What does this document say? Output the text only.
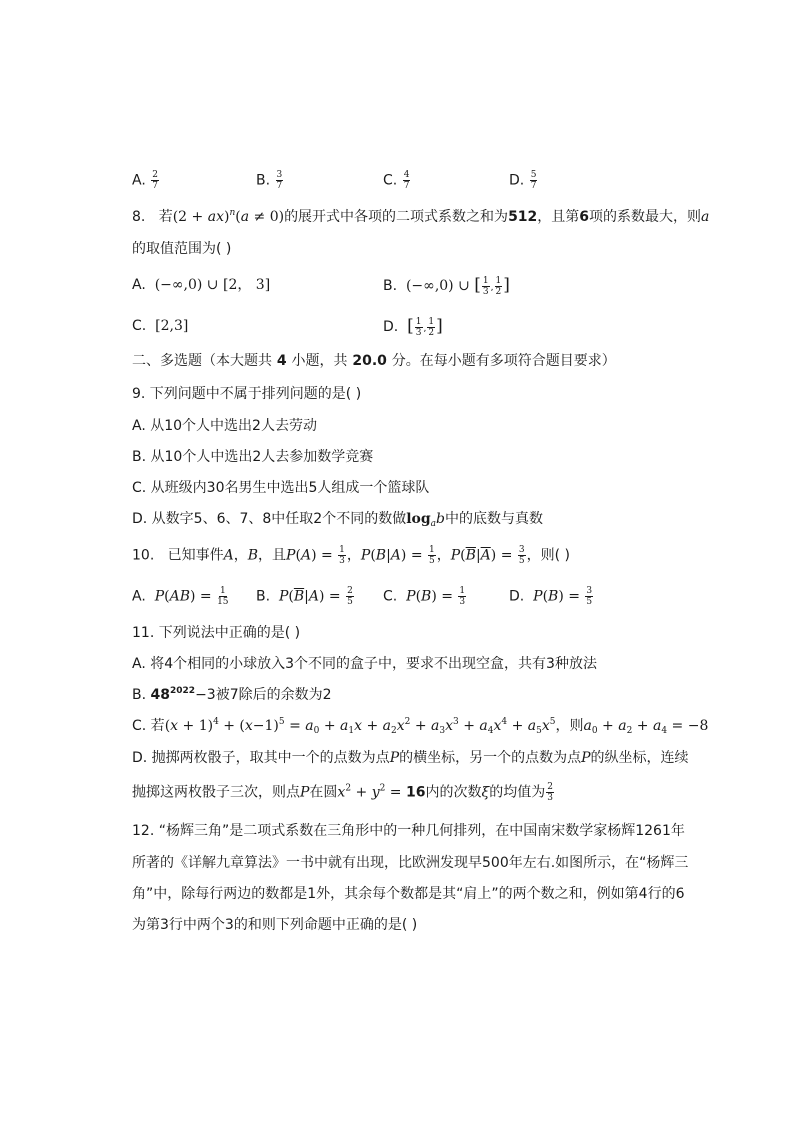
A. $\frac{2}{7}$	B. $\frac{3}{7}$	C. $\frac{4}{7}$	D. $\frac{5}{7}$
8. 若(2 + ax)$^n$(a ≠ 0)的展开式中各项的二项式系数之和为512，且第6项的系数最大，则a
的取值范围为( )
A. (−∞,0) ∪ [2， 3]	B. (−∞,0) ∪ [ $\frac{1}{3}$ , $\frac{1}{2}$ ]
C. [2,3]	D. [ $\frac{1}{3}$ , $\frac{1}{2}$ ]
二、多选题（本大题共 4 小题，共 20.0 分。在每小题有多项符合题目要求）
9. 下列问题中不属于排列问题的是( )
A. 从10个人中选出2人去劳动
B. 从10个人中选出2人去参加数学竞赛
C. 从班级内30名男生中选出5人组成一个篮球队
D. 从数字5、6、7、8中任取2个不同的数做$\log_ab$中的底数与真数
10. 已知事件A，B，且$P(A) = \frac{1}{3}$ ，$P(B|A) = \frac{1}{5}$ ，$P(\overline{B}|\overline{A}) = \frac{3}{5}$ ，则( )
A. $P(AB) = \frac{1}{15} B$. $P(\overline{B}|A) = \frac{2}{5} C$. $P(B) = \frac{1}{3}$	D. $P(B) = \frac{3}{5}$
11. 下列说法中正确的是( )
A. 将4个相同的小球放入3个不同的盒子中，要求不出现空盒，共有3种放法
B. $48^{2022}-3$被7除后的余数为2
C. 若$(x + 1)^4 + (x-1)^5 = a_0 + a_1x + a_2x^2 + a_3x^3 + a_4x^4 + a_5x^5$，则$a_0 + a_2 + a_4 = -8$
D. 抛掷两枚骰子，取其中一个的点数为点P的横坐标，另一个的点数为点P的纵坐标，连续
抛掷这两枚骰子三次，则点P在圆$x^2 + y^2 = 16$内的次数ξ的均值为 $\frac{2}{3}$
12. “杨辉三角”是二项式系数在三角形中的一种几何排列，在中国南宋数学家杨辉1261年
所著的《详解九章算法》一书中就有出现，比欧洲发现早500年左右.如图所示，在“杨辉三
角”中，除每行两边的数都是1外，其余每个数都是其“肩上”的两个数之和，例如第4行的6
为第3行中两个3的和则下列命题中正确的是( )
